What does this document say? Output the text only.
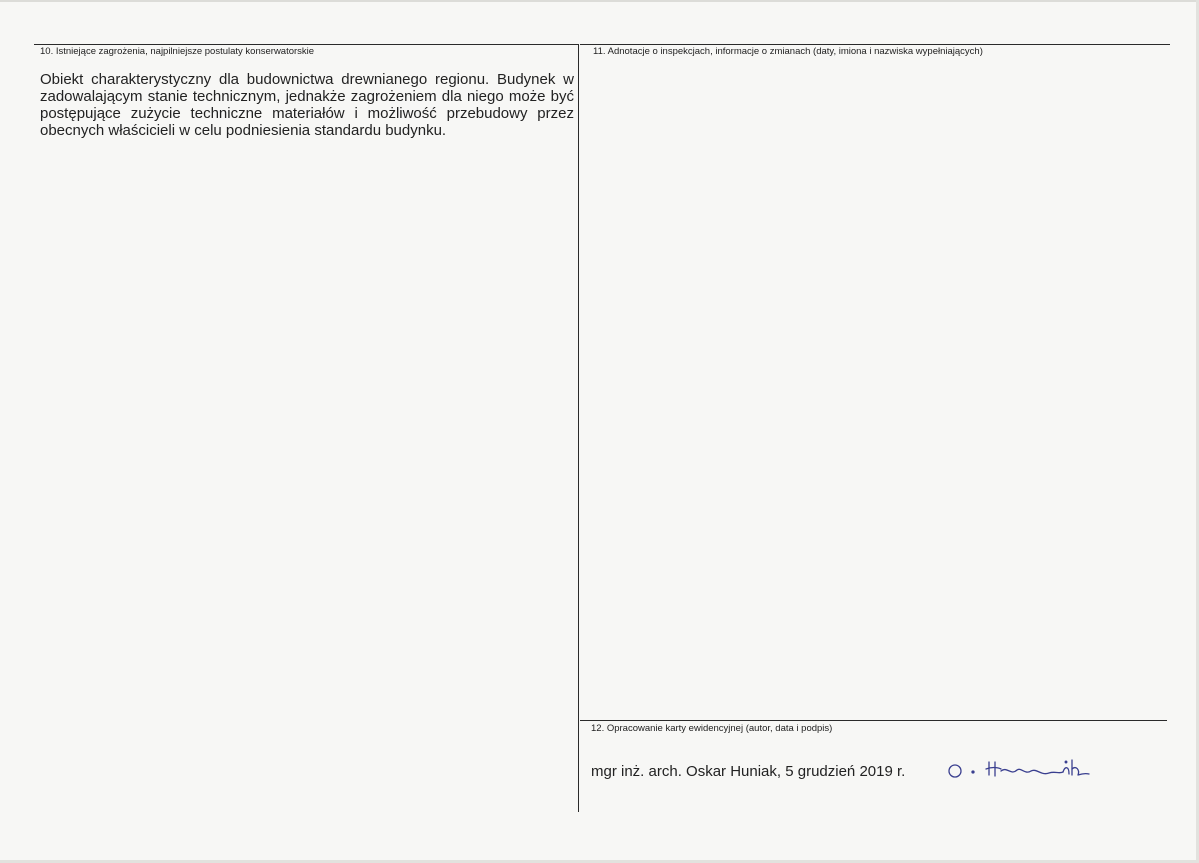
10. Istniejące zagrożenia, najpilniejsze postulaty konserwatorskie
Obiekt charakterystyczny dla budownictwa drewnianego regionu. Budynek w zadowalającym stanie technicznym, jednakże zagrożeniem dla niego może być postępujące zużycie techniczne materiałów i możliwość przebudowy przez obecnych właścicieli w celu podniesienia standardu budynku.
11. Adnotacje o inspekcjach, informacje o zmianach (daty, imiona i nazwiska wypełniających)
12. Opracowanie karty ewidencyjnej (autor, data i podpis)
mgr inż. arch. Oskar Huniak, 5 grudzień 2019 r.
